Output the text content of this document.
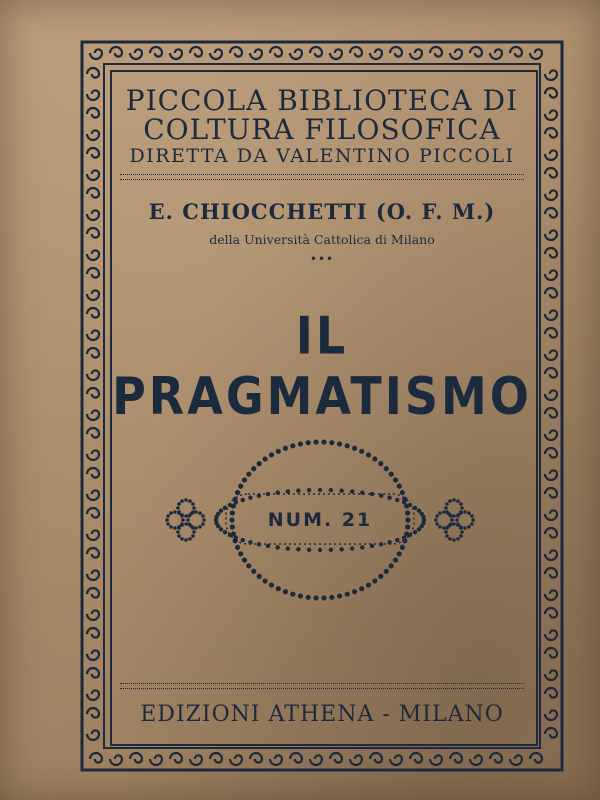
PICCOLA BIBLIOTECA DI
COLTURA FILOSOFICA
DIRETTA DA VALENTINO PICCOLI
E. CHIOCCHETTI (O. F. M.)
della Università Cattolica di Milano
•••
IL PRAGMATISMO
NUM. 21
EDIZIONI ATHENA - MILANO
